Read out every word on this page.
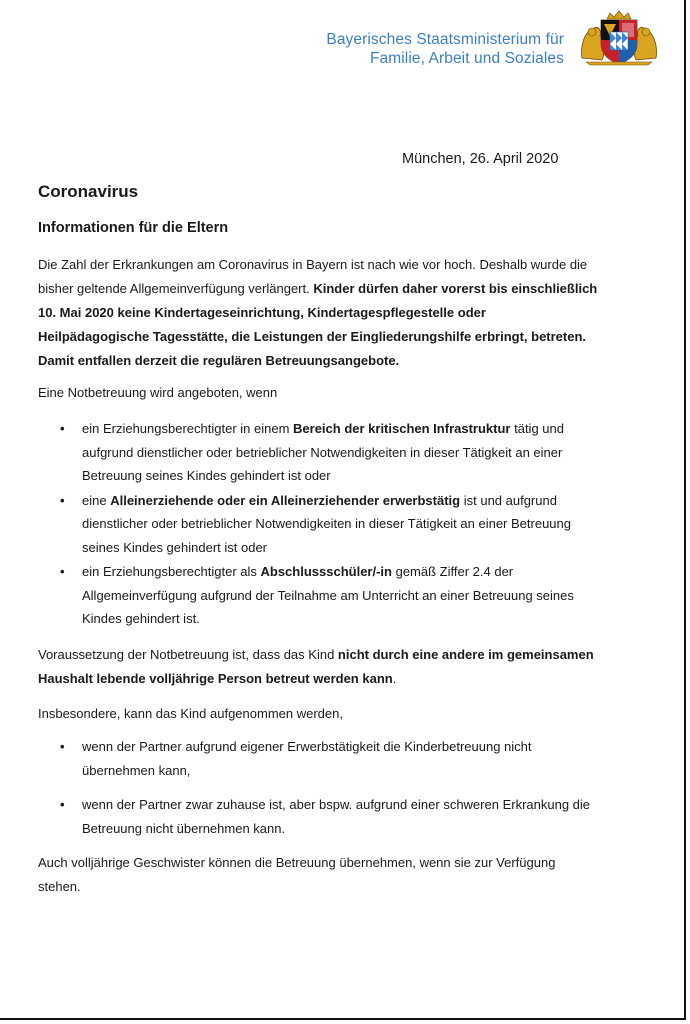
Bayerisches Staatsministerium für
Familie, Arbeit und Soziales
München, 26. April 2020
Coronavirus
Informationen für die Eltern
Die Zahl der Erkrankungen am Coronavirus in Bayern ist nach wie vor hoch. Deshalb wurde die bisher geltende Allgemeinverfügung verlängert. Kinder dürfen daher vorerst bis einschließlich 10. Mai 2020 keine Kindertageseinrichtung, Kindertagespflegestelle oder Heilpädagogische Tagesstätte, die Leistungen der Eingliederungshilfe erbringt, betreten. Damit entfallen derzeit die regulären Betreuungsangebote.
Eine Notbetreuung wird angeboten, wenn
• ein Erziehungsberechtigter in einem Bereich der kritischen Infrastruktur tätig und aufgrund dienstlicher oder betrieblicher Notwendigkeiten in dieser Tätigkeit an einer Betreuung seines Kindes gehindert ist oder
• eine Alleinerziehende oder ein Alleinerziehender erwerbstätig ist und aufgrund dienstlicher oder betrieblicher Notwendigkeiten in dieser Tätigkeit an einer Betreuung seines Kindes gehindert ist oder
• ein Erziehungsberechtigter als Abschlussschüler/-in gemäß Ziffer 2.4 der Allgemeinverfügung aufgrund der Teilnahme am Unterricht an einer Betreuung seines Kindes gehindert ist.
Voraussetzung der Notbetreuung ist, dass das Kind nicht durch eine andere im gemeinsamen Haushalt lebende volljährige Person betreut werden kann.
Insbesondere, kann das Kind aufgenommen werden,
• wenn der Partner aufgrund eigener Erwerbstätigkeit die Kinderbetreuung nicht übernehmen kann,
• wenn der Partner zwar zuhause ist, aber bspw. aufgrund einer schweren Erkrankung die Betreuung nicht übernehmen kann.
Auch volljährige Geschwister können die Betreuung übernehmen, wenn sie zur Verfügung stehen.
